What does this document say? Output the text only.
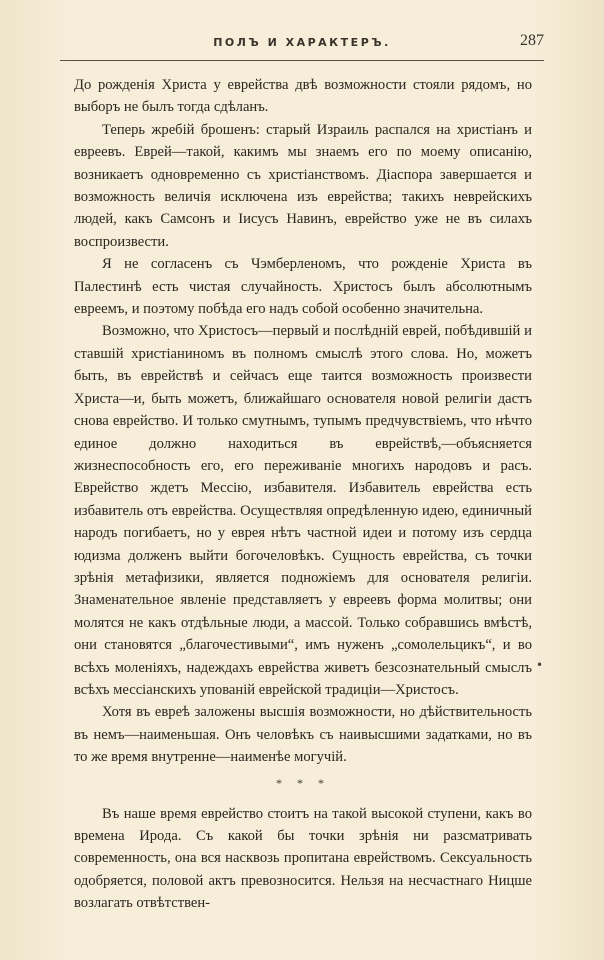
ПОЛЪ И ХАРАКТЕРЪ.	287

До рожденія Христа у еврейства двѣ возможности стояли рядомъ, но выборъ не былъ тогда сдѣланъ.

Теперь жребій брошенъ: старый Израиль распался на христіанъ и евреевъ. Еврей—такой, какимъ мы знаемъ его по моему описанію, возникаетъ одновременно съ христіанствомъ. Діаспора завершается и возможность величія исключена изъ еврейства; такихъ неврейскихъ людей, какъ Самсонъ и Іисусъ Навинъ, еврейство уже не въ силахъ воспроизвести.

Я не согласенъ съ Чэмберленомъ, что рожденіе Христа въ Палестинѣ есть чистая случайность. Христосъ былъ абсолютнымъ евреемъ, и поэтому побѣда его надъ собой особенно значительна.

Возможно, что Христосъ—первый и послѣдній еврей, побѣдившій и ставшій христіаниномъ въ полномъ смыслѣ этого слова. Но, можетъ быть, въ еврействѣ и сейчасъ еще таится возможность произвести Христа—и, быть можетъ, ближайшаго основателя новой религіи дастъ снова еврейство. И только смутнымъ, тупымъ предчувствіемъ, что нѣчто единое должно находиться въ еврействѣ,—объясняется жизнеспособность его, его переживаніе многихъ народовъ и расъ. Еврейство ждетъ Мессію, избавителя. Избавитель еврейства есть избавитель отъ еврейства. Осуществляя опредѣленную идею, единичный народъ погибаетъ, но у еврея нѣтъ частной идеи и потому изъ сердца юдизма долженъ выйти богочеловѣкъ. Сущность еврейства, съ точки зрѣнія метафизики, является подножіемъ для основателя религіи. Знаменательное явленіе представляетъ у евреевъ форма молитвы; они молятся не какъ отдѣльные люди, а массой. Только собравшись вмѣстѣ, они становятся „благочестивыми“, имъ нуженъ „сомолельцикъ“, и во всѣхъ моленіяхъ, надеждахъ еврейства живетъ безсознательный смыслъ всѣхъ мессіанскихъ упованій еврейской традиціи—Христосъ.

Хотя въ евреѣ заложены высшія возможности, но дѣйствительность въ немъ—наименьшая. Онъ человѣкъ съ наивысшими задатками, но въ то же время внутренне—наименѣе могучій.

* * *

Въ наше время еврейство стоитъ на такой высокой ступени, какъ во времена Ирода. Съ какой бы точки зрѣнія ни разсматривать современность, она вся насквозь пропитана еврействомъ. Сексуальность одобряется, половой актъ превозносится. Нельзя на несчастнаго Ницше возлагать отвѣтствен-

•
